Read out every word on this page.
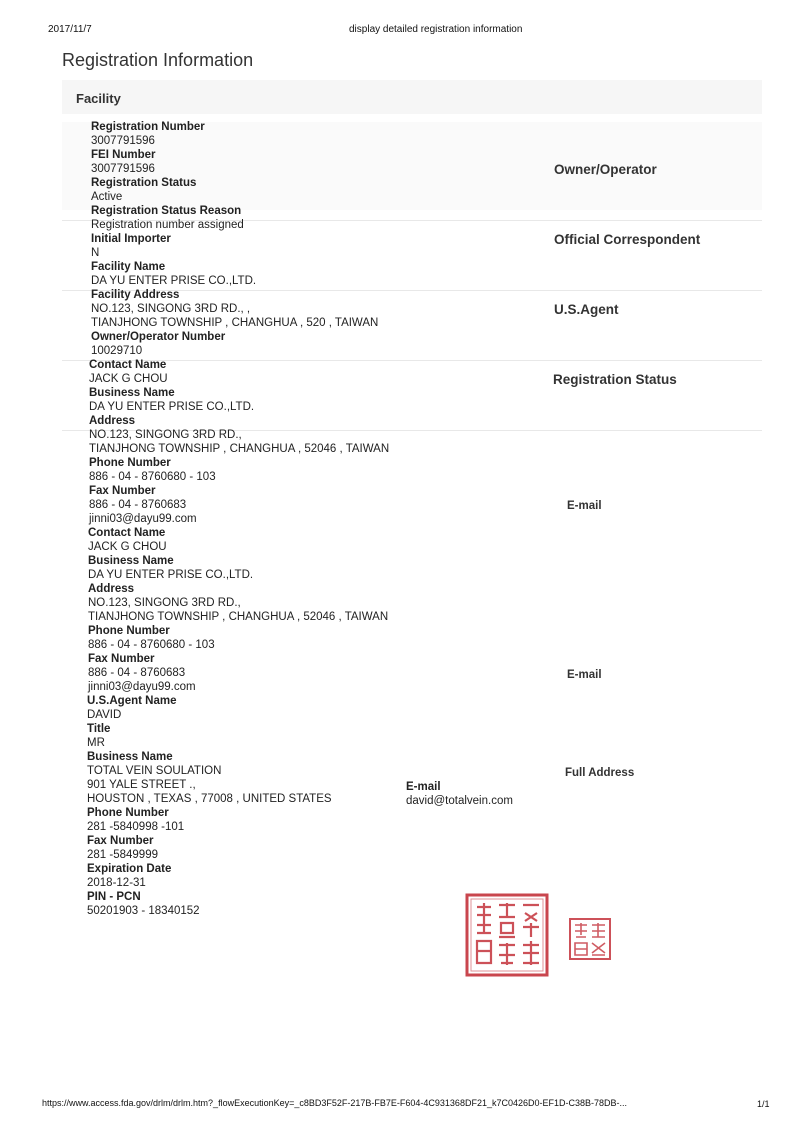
2017/11/7	display detailed registration information
Registration Information
Facility
Registration Number
3007791596
FEI Number
3007791596
Registration Status
Active
Registration Status Reason
Registration number assigned
Initial Importer
N
Facility Name
DA YU ENTER PRISE CO.,LTD.
Facility Address
NO.123, SINGONG 3RD RD., ,
TIANJHONG TOWNSHIP , CHANGHUA , 520 , TAIWAN
Owner/Operator Number
10029710
Contact Name
JACK G CHOU
Business Name
DA YU ENTER PRISE CO.,LTD.
Address
NO.123, SINGONG 3RD RD.,
TIANJHONG TOWNSHIP , CHANGHUA , 52046 , TAIWAN
Phone Number
886 - 04 - 8760680 - 103
Fax Number
886 - 04 - 8760683
jinni03@dayu99.com
Contact Name
JACK G CHOU
Business Name
DA YU ENTER PRISE CO.,LTD.
Address
NO.123, SINGONG 3RD RD.,
TIANJHONG TOWNSHIP , CHANGHUA , 52046 , TAIWAN
Phone Number
886 - 04 - 8760680 - 103
Fax Number
886 - 04 - 8760683
jinni03@dayu99.com
U.S.Agent Name
DAVID
Title
MR
Business Name
TOTAL VEIN SOULATION
901 YALE STREET .,
HOUSTON , TEXAS , 77008 , UNITED STATES
Phone Number
281 -5840998 -101
Fax Number
281 -5849999
E-mail
david@totalvein.com
Expiration Date
2018-12-31
PIN - PCN
50201903 - 18340152
Owner/Operator
Official Correspondent
U.S.Agent
Registration Status
E-mail
E-mail
Full Address
https://www.access.fda.gov/drlm/drlm.htm?_flowExecutionKey=_c8BD3F52F-217B-FB7E-F604-4C931368DF21_k7C0426D0-EF1D-C38B-78DB-...	1/1
